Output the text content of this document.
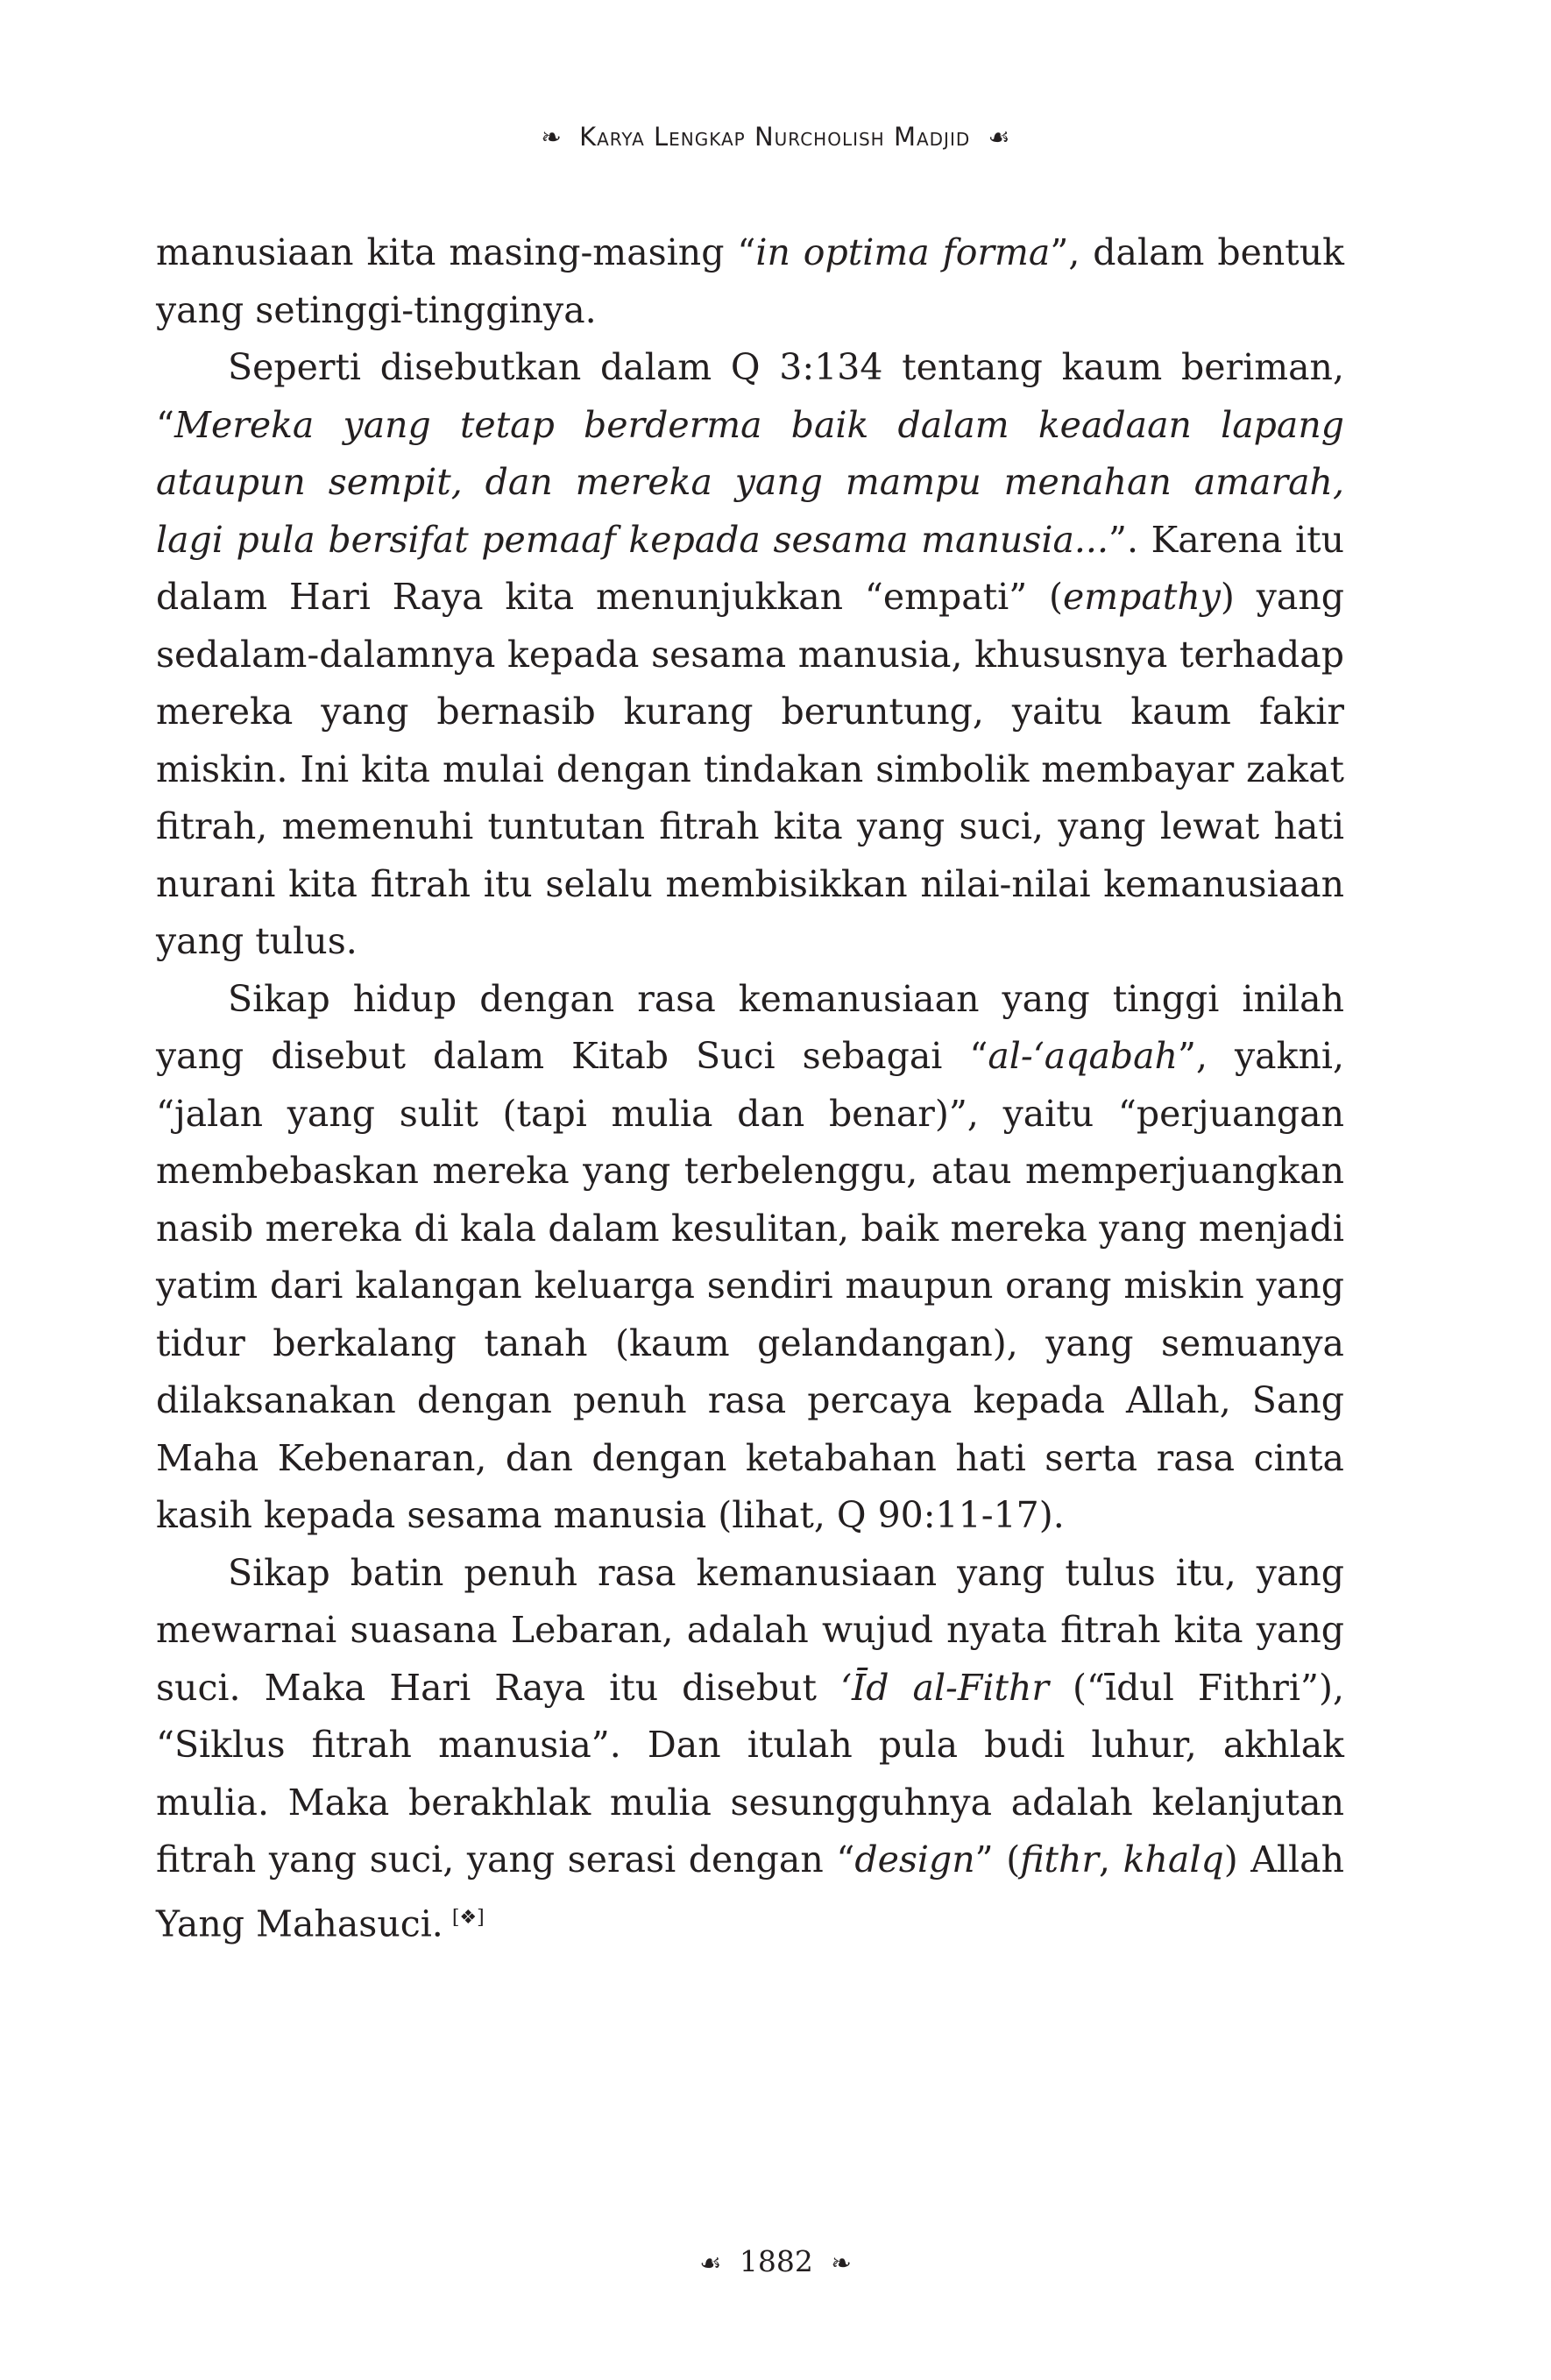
❧ Karya Lengkap Nurcholish Madjid ☙

manusiaan kita masing-masing “in optima forma”, dalam bentuk yang setinggi-tingginya.

Seperti disebutkan dalam Q 3:134 tentang kaum beriman, “Mereka yang tetap berderma baik dalam keadaan lapang ataupun sempit, dan mereka yang mampu menahan amarah, lagi pula bersifat pemaaf kepada sesama manusia...”. Karena itu dalam Hari Raya kita menunjukkan “empati” (empathy) yang sedalam-dalamnya kepada sesama manusia, khususnya terhadap mereka yang bernasib kurang beruntung, yaitu kaum fakir miskin. Ini kita mulai dengan tindakan simbolik membayar zakat fitrah, memenuhi tuntutan fitrah kita yang suci, yang lewat hati nurani kita fitrah itu selalu membisikkan nilai-nilai kemanusiaan yang tulus.

Sikap hidup dengan rasa kemanusiaan yang tinggi inilah yang disebut dalam Kitab Suci sebagai “al-‘aqabah”, yakni, “jalan yang sulit (tapi mulia dan benar)”, yaitu “perjuangan membebaskan mereka yang terbelenggu, atau memperjuangkan nasib mereka di kala dalam kesulitan, baik mereka yang menjadi yatim dari kalangan keluarga sendiri maupun orang miskin yang tidur berkalang tanah (kaum gelandangan), yang semuanya dilaksanakan dengan penuh rasa percaya kepada Allah, Sang Maha Kebenaran, dan dengan ketabahan hati serta rasa cinta kasih kepada sesama manusia (lihat, Q 90:11-17).

Sikap batin penuh rasa kemanusiaan yang tulus itu, yang mewarnai suasana Lebaran, adalah wujud nyata fitrah kita yang suci. Maka Hari Raya itu disebut ‘Īd al-Fithr (“īdul Fithri”), “Siklus fitrah manusia”. Dan itulah pula budi luhur, akhlak mulia. Maka berakhlak mulia sesungguhnya adalah kelanjutan fitrah yang suci, yang serasi dengan “design” (fithr, khalq) Allah Yang Mahasuci. [❖]

☙ 1882 ❧
